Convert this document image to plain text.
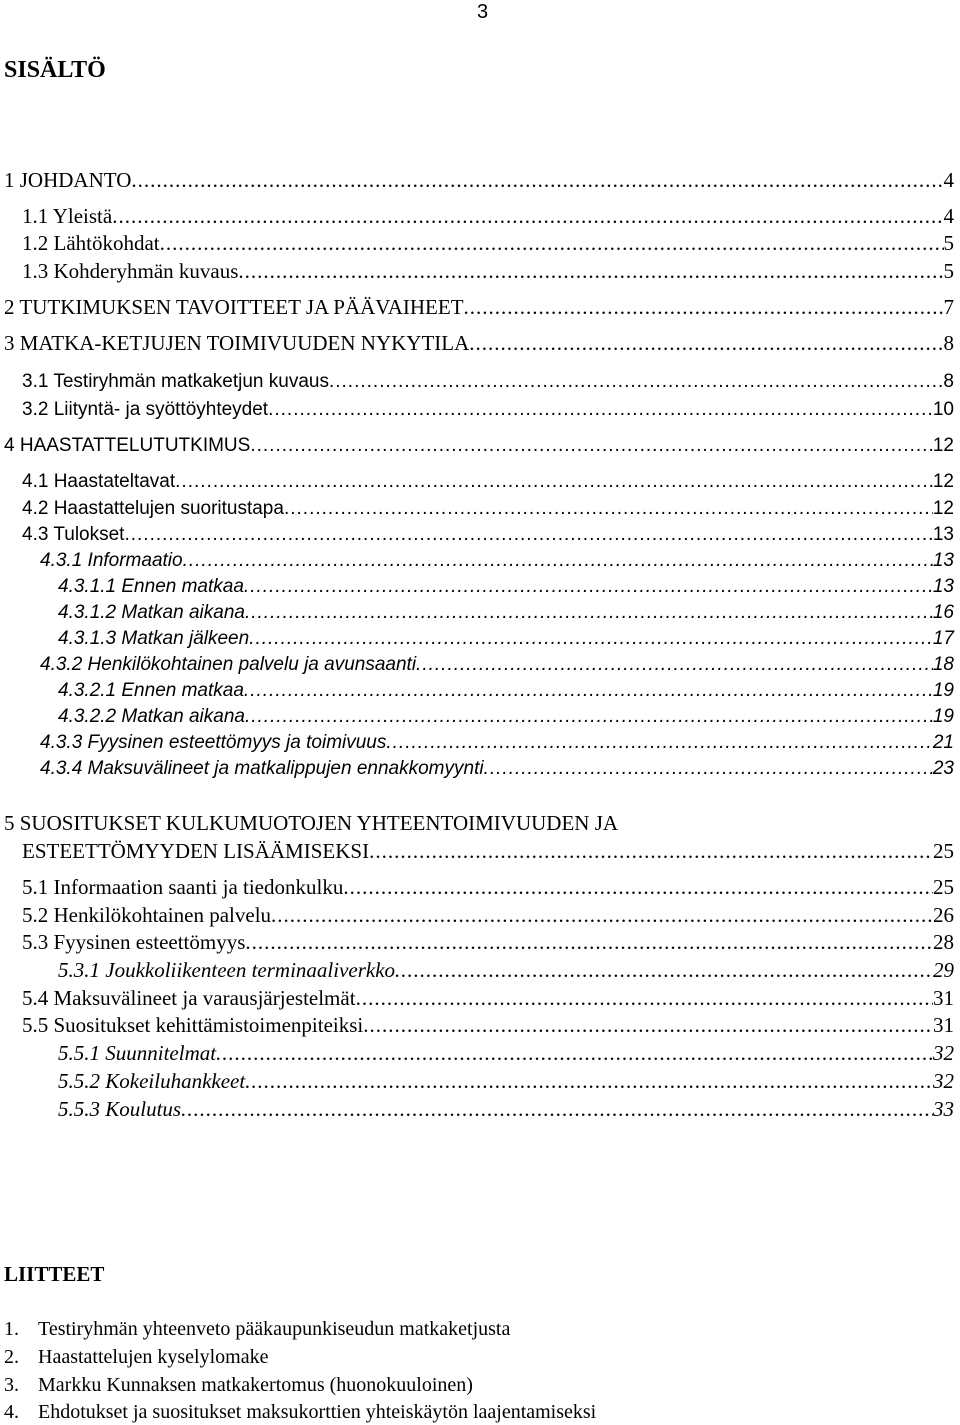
3
SISÄLTÖ
1 JOHDANTO .....	4
1.1 Yleistä .....	4
1.2 Lähtökohdat .....	5
1.3 Kohderyhmän kuvaus .....	5
2 TUTKIMUKSEN TAVOITTEET JA PÄÄVAIHEET .....	7
3 MATKA-KETJUJEN TOIMIVUUDEN NYKYTILA .....	8
3.1 Testiryhmän matkaketjun kuvaus .....	8
3.2 Liityntä- ja syöttöyhteydet .....	10
4 HAASTATTELUTUTKIMUS .....	12
4.1 Haastateltavat .....	12
4.2 Haastattelujen suoritustapa .....	12
4.3 Tulokset .....	13
4.3.1 Informaatio .....	13
4.3.1.1 Ennen matkaa .....	13
4.3.1.2 Matkan aikana .....	16
4.3.1.3 Matkan jälkeen .....	17
4.3.2 Henkilökohtainen palvelu ja avunsaanti .....	18
4.3.2.1 Ennen matkaa .....	19
4.3.2.2 Matkan aikana .....	19
4.3.3 Fyysinen esteettömyys ja toimivuus .....	21
4.3.4 Maksuvälineet ja matkalippujen ennakkomyynti .....	23
5 SUOSITUKSET KULKUMUOTOJEN YHTEENTOIMIVUUDEN JA
ESTEETTÖMYYDEN LISÄÄMISEKSI .....	25
5.1 Informaation saanti ja tiedonkulku .....	25
5.2 Henkilökohtainen palvelu .....	26
5.3 Fyysinen esteettömyys .....	28
5.3.1 Joukkoliikenteen terminaaliverkko .....	29
5.4 Maksuvälineet ja varausjärjestelmät .....	31
5.5 Suositukset kehittämistoimenpiteiksi .....	31
5.5.1 Suunnitelmat .....	32
5.5.2 Kokeiluhankkeet .....	32
5.5.3 Koulutus .....	33
LIITTEET
1. Testiryhmän yhteenveto pääkaupunkiseudun matkaketjusta
2. Haastattelujen kyselylomake
3. Markku Kunnaksen matkakertomus (huonokuuloinen)
4. Ehdotukset ja suositukset maksukorttien yhteiskäytön laajentamiseksi
